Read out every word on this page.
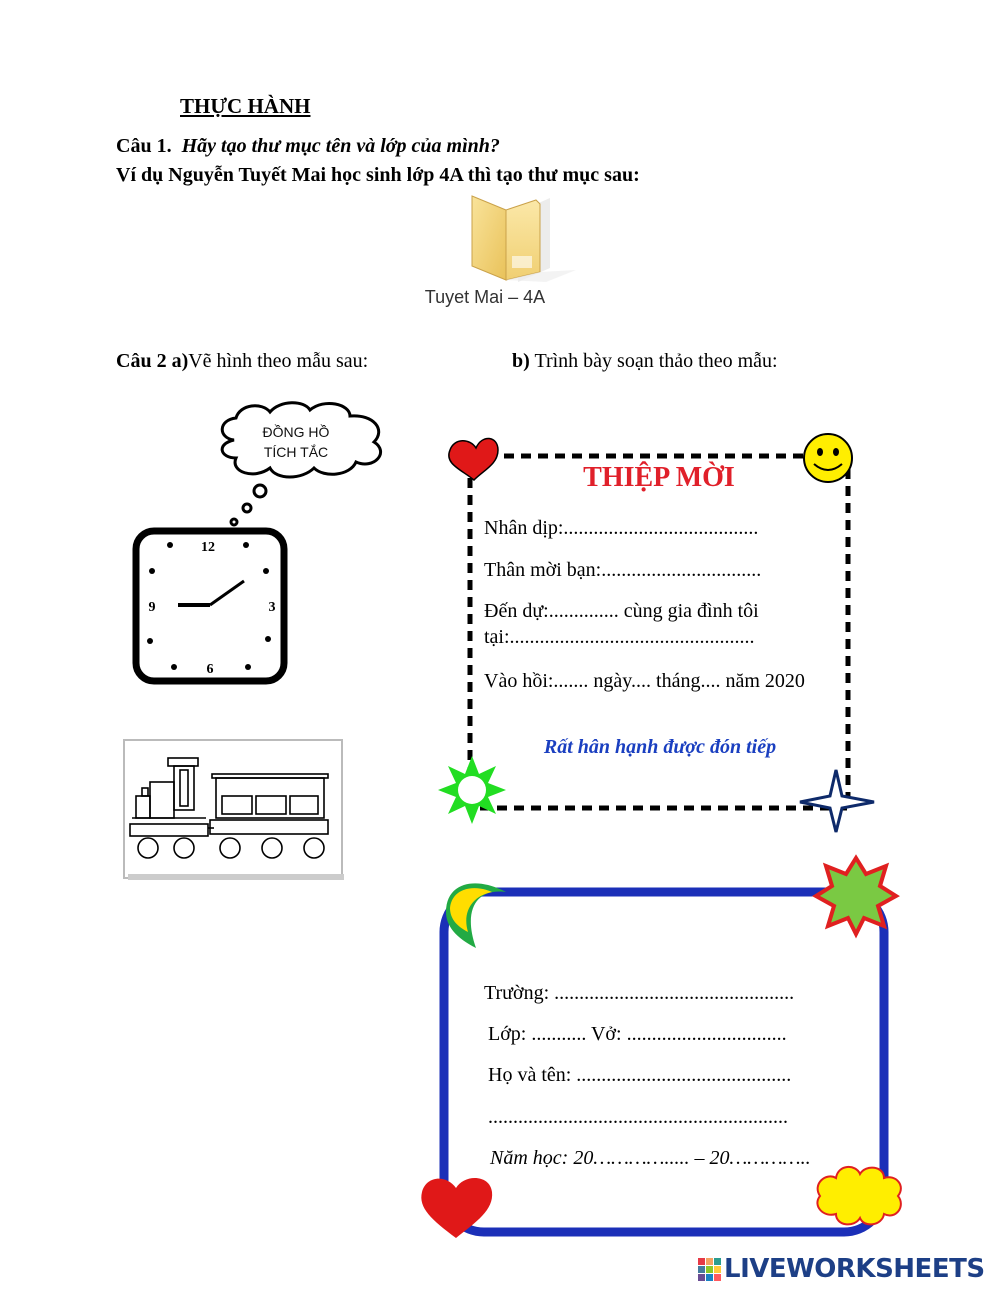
THỰC HÀNH
Câu 1. Hãy tạo thư mục tên và lớp của mình?
Ví dụ Nguyễn Tuyết Mai học sinh lớp 4A thì tạo thư mục sau:
Tuyet Mai – 4A
Câu 2 a)Vẽ hình theo mẫu sau:	b) Trình bày soạn thảo theo mẫu:
ĐỒNG HỒ TÍCH TẮC
12
3
6
9
THIỆP MỜI
Nhân dịp:.......................................
Thân mời bạn:................................
Đến dự:.............. cùng gia đình tôi tại:.................................................
Vào hồi:....... ngày.... tháng.... năm 2020
Rất hân hạnh được đón tiếp
Trường: ................................................
Lớp: ........... Vở: ................................
Họ và tên: ...........................................
............................................................
Năm học: 20…………..... – 20…………..
LIVEWORKSHEETS
